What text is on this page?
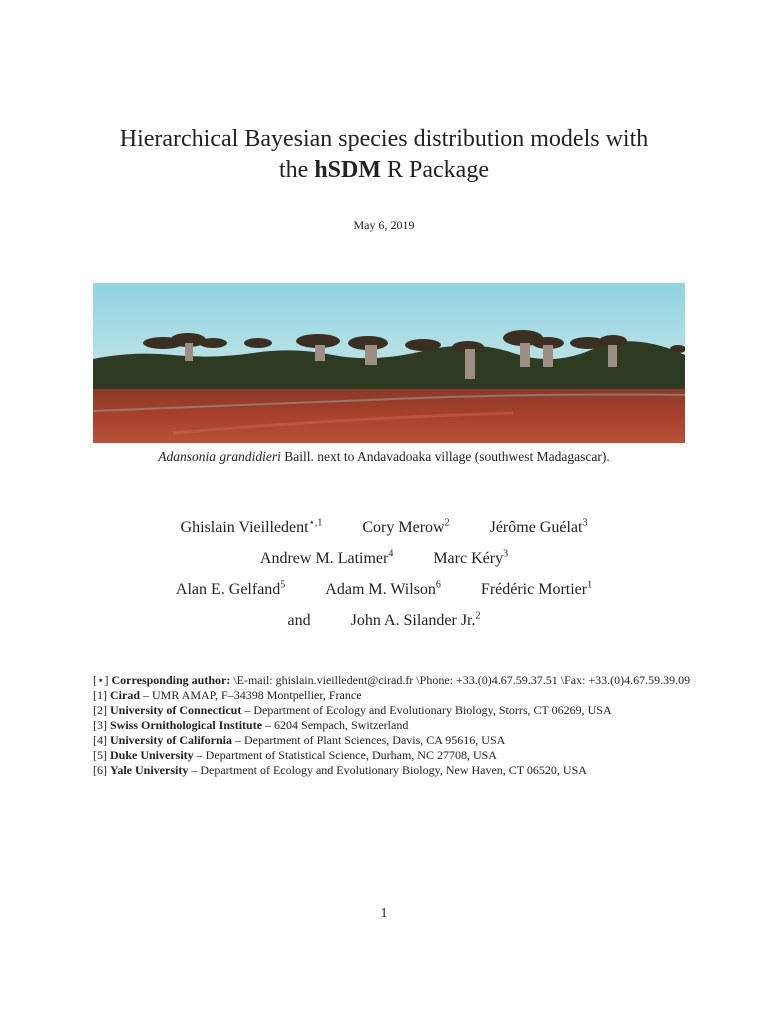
Hierarchical Bayesian species distribution models with
the hSDM R Package
May 6, 2019
Adansonia grandidieri Baill. next to Andavadoaka village (southwest Madagascar).
Ghislain Vieilledent$^{⋆,1}$	Cory Merow$^2$	Jérôme Guélat$^3$
Andrew M. Latimer$^4$	Marc Kéry$^3$
Alan E. Gelfand$^5$	Adam M. Wilson$^6$	Frédéric Mortier$^1$
and	John A. Silander Jr.$^2$
[⋆] Corresponding author: \E-mail: ghislain.vieilledent@cirad.fr \Phone: +33.(0)4.67.59.37.51 \Fax: +33.(0)4.67.59.39.09
[1] Cirad – UMR AMAP, F–34398 Montpellier, France
[2] University of Connecticut – Department of Ecology and Evolutionary Biology, Storrs, CT 06269, USA
[3] Swiss Ornithological Institute – 6204 Sempach, Switzerland
[4] University of California – Department of Plant Sciences, Davis, CA 95616, USA
[5] Duke University – Department of Statistical Science, Durham, NC 27708, USA
[6] Yale University – Department of Ecology and Evolutionary Biology, New Haven, CT 06520, USA
1
